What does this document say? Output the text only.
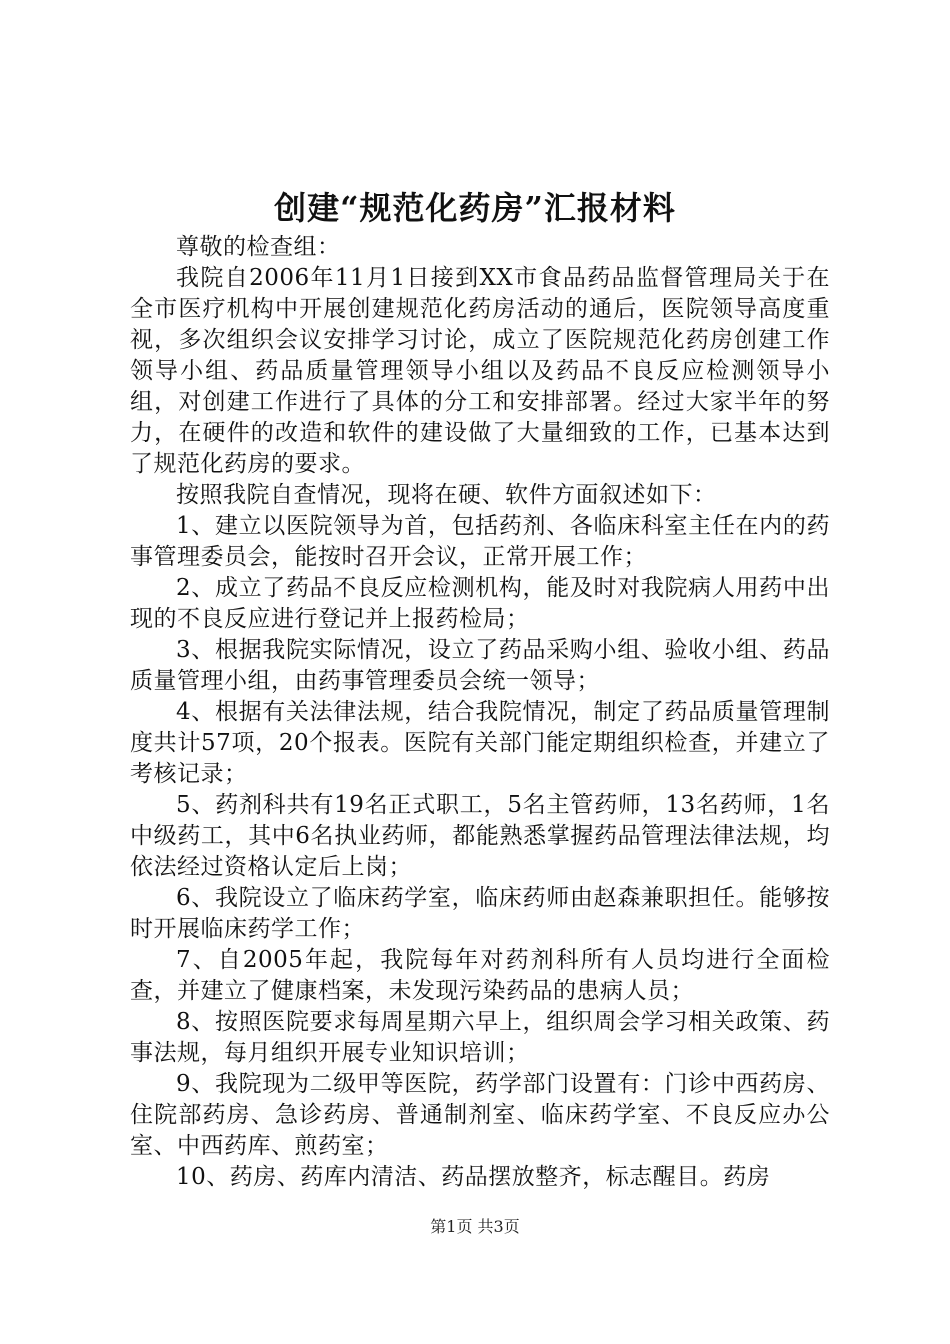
创建“规范化药房”汇报材料

尊敬的检查组：

我院自2006年11月1日接到XX市食品药品监督管理局关于在全市医疗机构中开展创建规范化药房活动的通后，医院领导高度重视，多次组织会议安排学习讨论，成立了医院规范化药房创建工作领导小组、药品质量管理领导小组以及药品不良反应检测领导小组，对创建工作进行了具体的分工和安排部署。经过大家半年的努力，在硬件的改造和软件的建设做了大量细致的工作，已基本达到了规范化药房的要求。

按照我院自查情况，现将在硬、软件方面叙述如下：

1、建立以医院领导为首，包括药剂、各临床科室主任在内的药事管理委员会，能按时召开会议，正常开展工作；

2、成立了药品不良反应检测机构，能及时对我院病人用药中出现的不良反应进行登记并上报药检局；

3、根据我院实际情况，设立了药品采购小组、验收小组、药品质量管理小组，由药事管理委员会统一领导；

4、根据有关法律法规，结合我院情况，制定了药品质量管理制度共计57项，20个报表。医院有关部门能定期组织检查，并建立了考核记录；

5、药剂科共有19名正式职工，5名主管药师，13名药师，1名中级药工，其中6名执业药师，都能熟悉掌握药品管理法律法规，均依法经过资格认定后上岗；

6、我院设立了临床药学室，临床药师由赵森兼职担任。能够按时开展临床药学工作；

7、自2005年起，我院每年对药剂科所有人员均进行全面检查，并建立了健康档案，未发现污染药品的患病人员；

8、按照医院要求每周星期六早上，组织周会学习相关政策、药事法规，每月组织开展专业知识培训；

9、我院现为二级甲等医院，药学部门设置有：门诊中西药房、住院部药房、急诊药房、普通制剂室、临床药学室、不良反应办公室、中西药库、煎药室；

10、药房、药库内清洁、药品摆放整齐，标志醒目。药房

第1页 共3页
